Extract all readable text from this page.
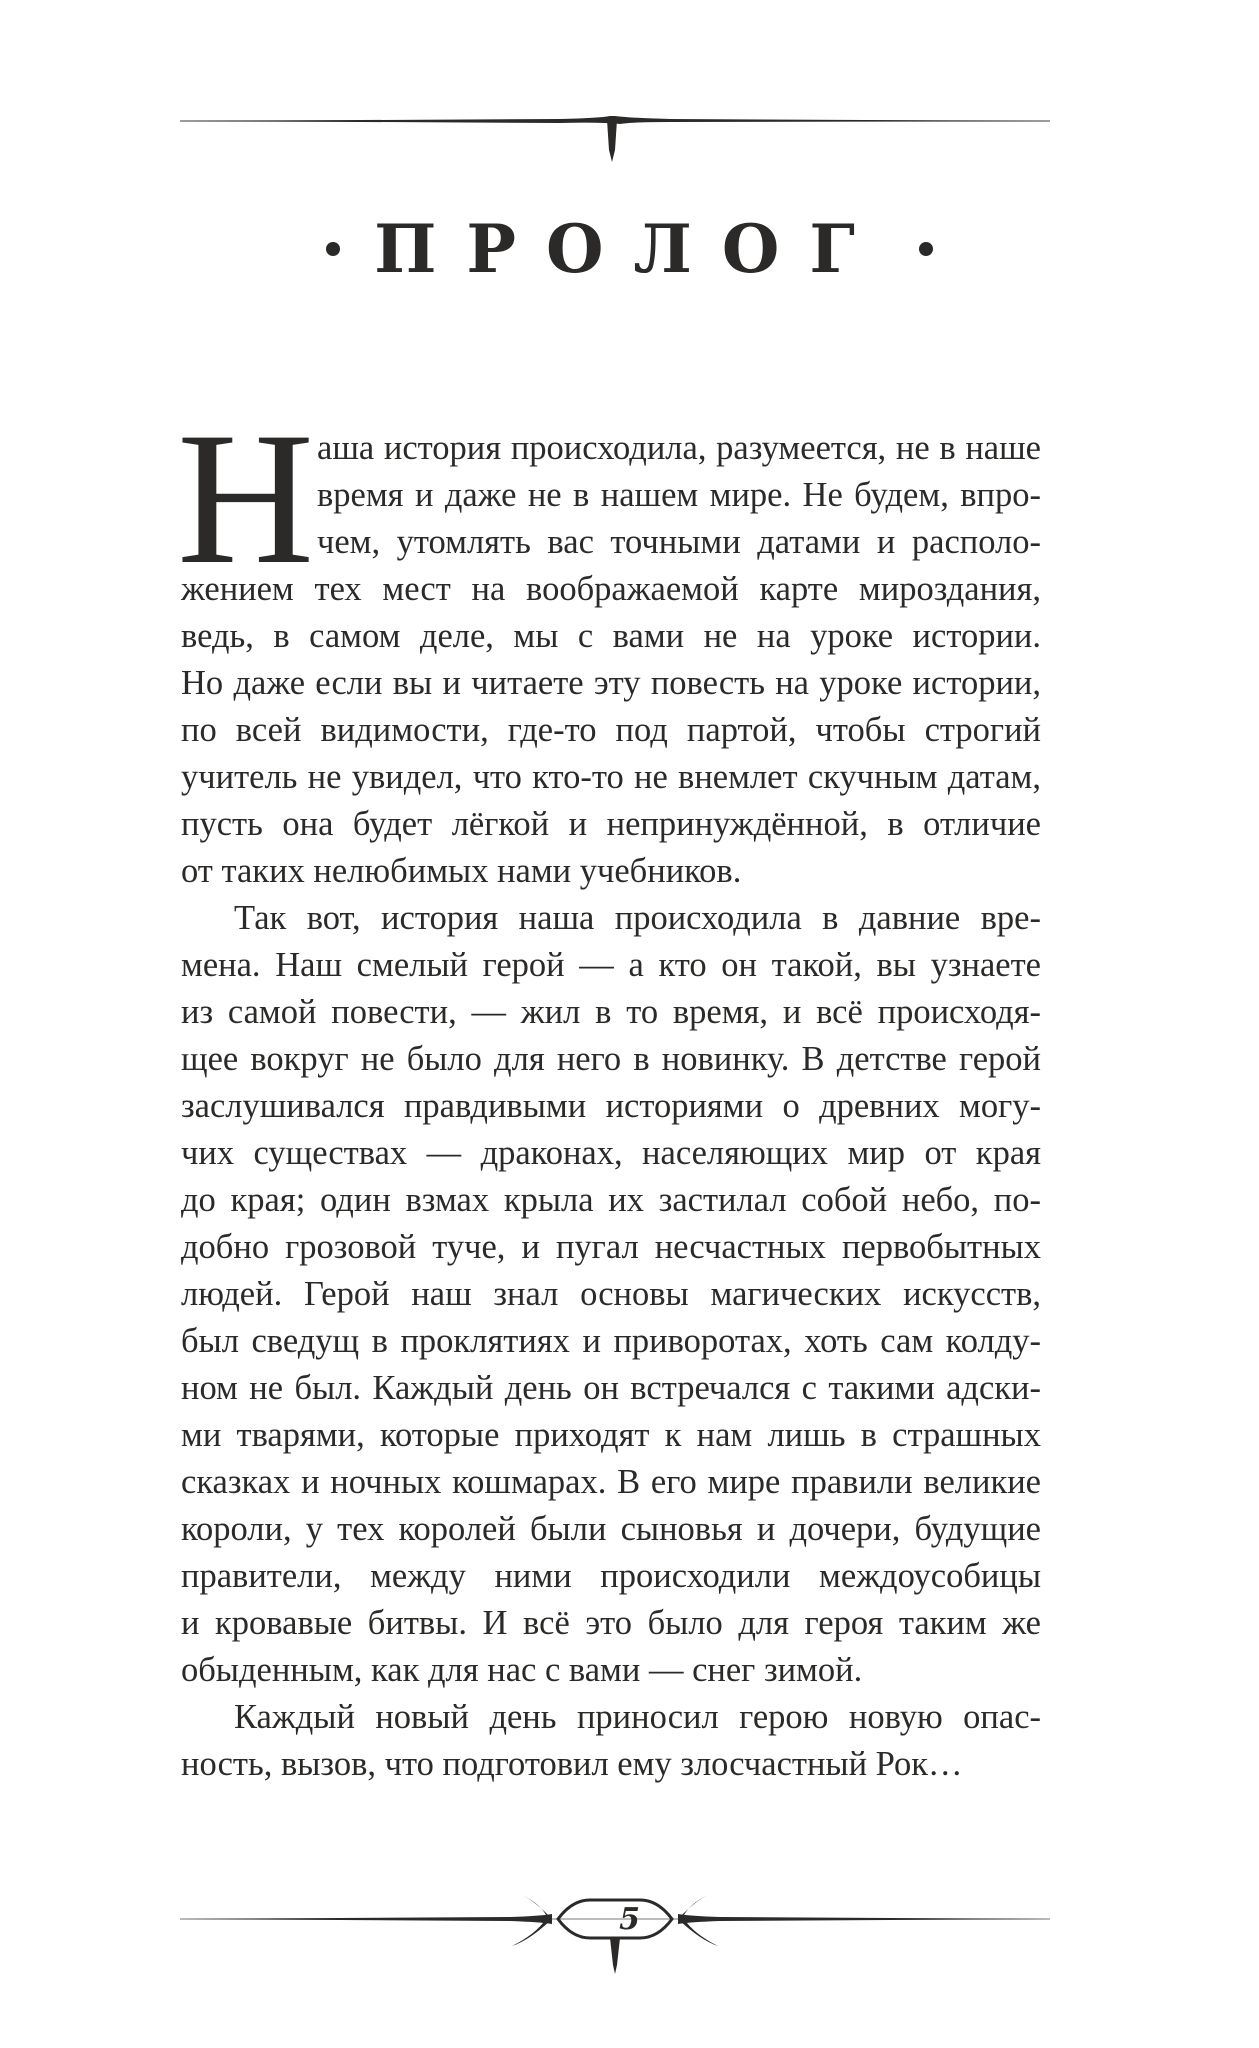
ПРОЛОГ
Н аша история происходила, разумеется, не в наше
время и даже не в нашем мире. Не будем, впро-
чем, утомлять вас точными датами и располо-
жением тех мест на воображаемой карте мироздания,
ведь, в самом деле, мы с вами не на уроке истории.
Но даже если вы и читаете эту повесть на уроке истории,
по всей видимости, где-то под партой, чтобы строгий
учитель не увидел, что кто-то не внемлет скучным датам,
пусть она будет лёгкой и непринуждённой, в отличие
от таких нелюбимых нами учебников.
Так вот, история наша происходила в давние вре-
мена. Наш смелый герой — а кто он такой, вы узнаете
из самой повести, — жил в то время, и всё происходя-
щее вокруг не было для него в новинку. В детстве герой
заслушивался правдивыми историями о древних могу-
чих существах — драконах, населяющих мир от края
до края; один взмах крыла их застилал собой небо, по-
добно грозовой туче, и пугал несчастных первобытных
людей. Герой наш знал основы магических искусств,
был сведущ в проклятиях и приворотах, хоть сам колду-
ном не был. Каждый день он встречался с такими адски-
ми тварями, которые приходят к нам лишь в страшных
сказках и ночных кошмарах. В его мире правили великие
короли, у тех королей были сыновья и дочери, будущие
правители, между ними происходили междоусобицы
и кровавые битвы. И всё это было для героя таким же
обыденным, как для нас с вами — снег зимой.
Каждый новый день приносил герою новую опас-
ность, вызов, что подготовил ему злосчастный Рок…
5
